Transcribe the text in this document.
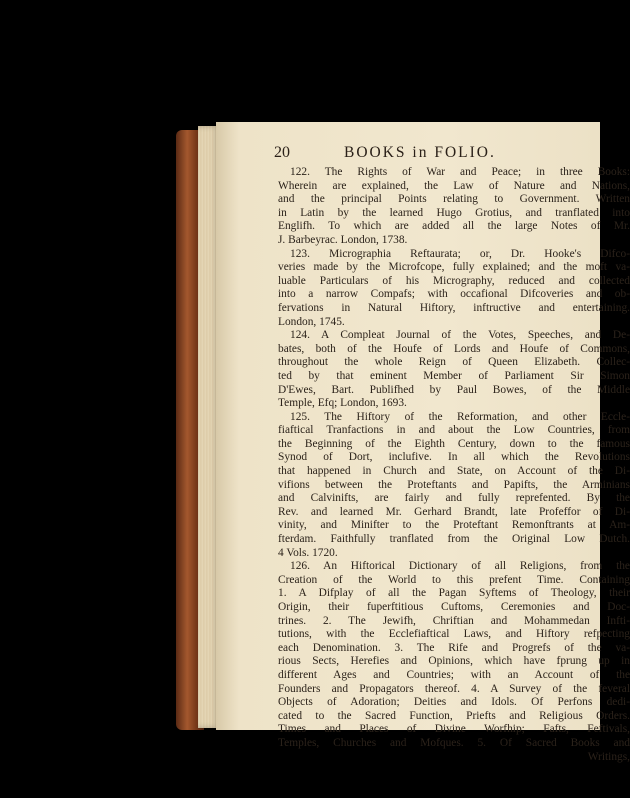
20	BOOKS in FOLIO.
122. The Rights of War and Peace; in three Books:
Wherein are explained, the Law of Nature and Nations,
and the principal Points relating to Government. Written
in Latin by the learned Hugo Grotius, and tranflated into
Englifh. To which are added all the large Notes of Mr.
J. Barbeyrac. London, 1738.
123. Micrographia Reftaurata; or, Dr. Hooke's Difco-
veries made by the Microfcope, fully explained; and the moft va-
luable Particulars of his Micrography, reduced and collected
into a narrow Compafs; with occafional Difcoveries and ob-
fervations in Natural Hiftory, inftructive and entertaining.
London, 1745.
124. A Compleat Journal of the Votes, Speeches, and De-
bates, both of the Houfe of Lords and Houfe of Commons,
throughout the whole Reign of Queen Elizabeth. Collec-
ted by that eminent Member of Parliament Sir Simon
D'Ewes, Bart. Publifhed by Paul Bowes, of the Middle
Temple, Efq; London, 1693.
125. The Hiftory of the Reformation, and other Eccle-
fiaftical Tranfactions in and about the Low Countries, from
the Beginning of the Eighth Century, down to the famous
Synod of Dort, inclufive. In all which the Revolutions
that happened in Church and State, on Account of the Di-
vifions between the Proteftants and Papifts, the Arminians
and Calvinifts, are fairly and fully reprefented. By the
Rev. and learned Mr. Gerhard Brandt, late Profeffor of Di-
vinity, and Minifter to the Proteftant Remonftrants at Am-
fterdam. Faithfully tranflated from the Original Low Dutch.
4 Vols. 1720.
126. An Hiftorical Dictionary of all Religions, from the
Creation of the World to this prefent Time. Containing
1. A Difplay of all the Pagan Syftems of Theology, their
Origin, their fuperftitious Cuftoms, Ceremonies and Doc-
trines. 2. The Jewifh, Chriftian and Mohammedan Infti-
tutions, with the Ecclefiaftical Laws, and Hiftory refpecting
each Denomination. 3. The Rife and Progrefs of the va-
rious Sects, Herefies and Opinions, which have fprung up in
different Ages and Countries; with an Account of the
Founders and Propagators thereof. 4. A Survey of the feveral
Objects of Adoration; Deities and Idols. Of Perfons dedi-
cated to the Sacred Function, Priefts and Religious Orders.
Times and Places of Divine Worfhip; Fafts, Feftivals,
Temples, Churches and Mofques. 5. Of Sacred Books and
Writings,
